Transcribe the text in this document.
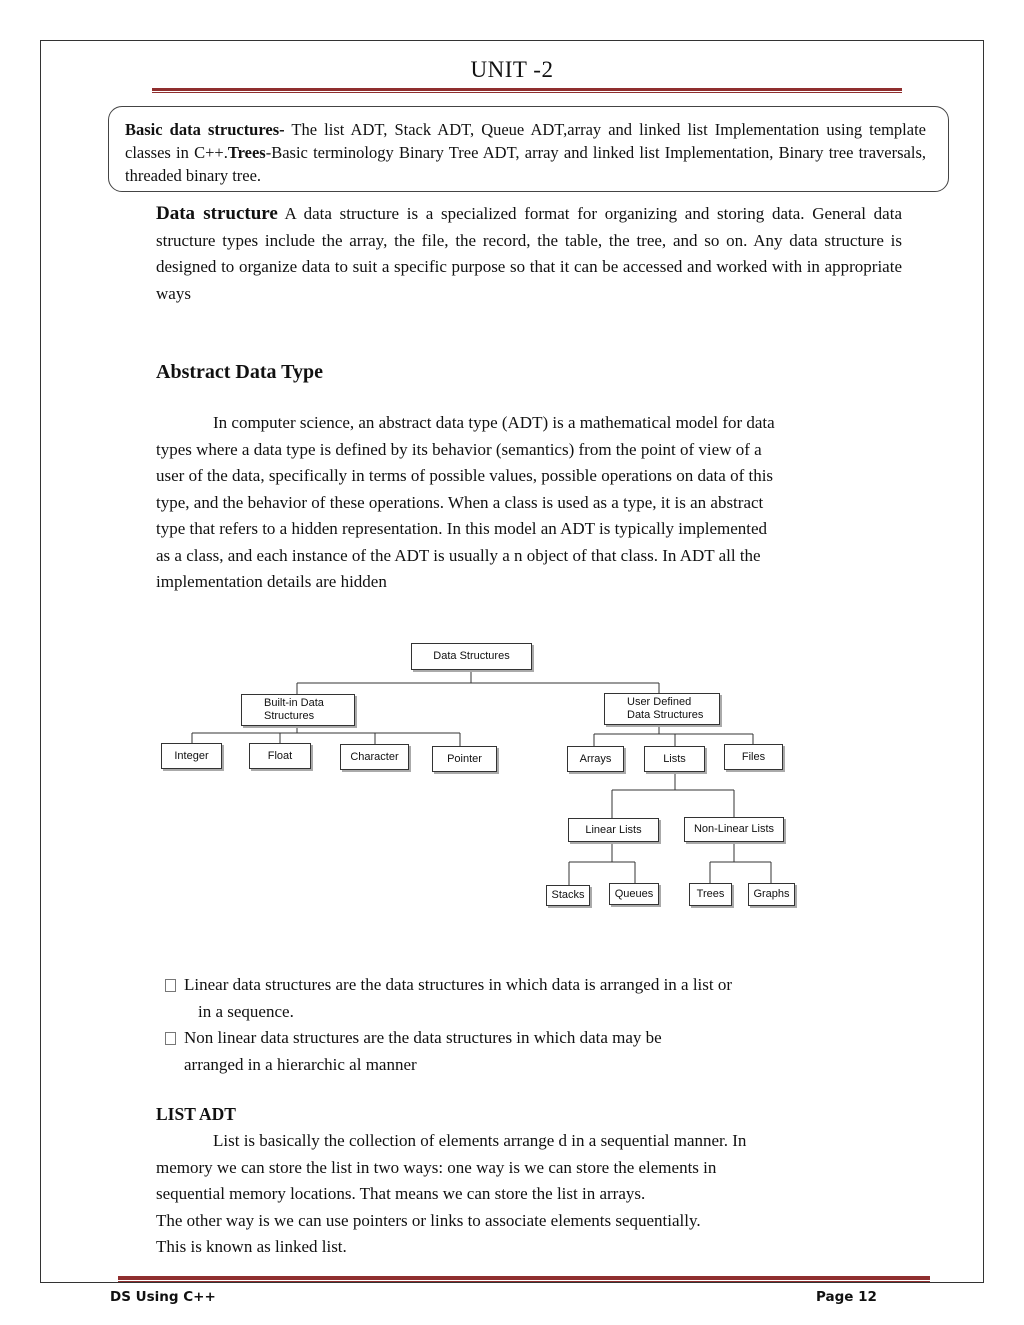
UNIT -2
Basic data structures- The list ADT, Stack ADT, Queue ADT,array and linked list Implementation using template classes in C++.Trees-Basic terminology Binary Tree ADT, array and linked list Implementation, Binary tree traversals, threaded binary tree.
Data structure A data structure is a specialized format for organizing and storing data. General data structure types include the array, the file, the record, the table, the tree, and so on. Any data structure is designed to organize data to suit a specific purpose so that it can be accessed and worked with in appropriate ways
Abstract Data Type
In computer science, an abstract data type (ADT) is a mathematical model for data
types where a data type is defined by its behavior (semantics) from the point of view of a
user of the data, specifically in terms of possible values, possible operations on data of this
type, and the behavior of these operations. When a class is used as a type, it is an abstract
type that refers to a hidden representation. In this model an ADT is typically implemented
as a class, and each instance of the ADT is usually a n object of that class. In ADT all the
implementation details are hidden
Data Structures
Built-in Data
Structures
User Defined
Data Structures
Integer	Float	Character	Pointer	Arrays	Lists	Files
Linear Lists	Non-Linear Lists
Stacks	Queues	Trees	Graphs
Linear data structures are the data structures in which data is arranged in a list or
in a sequence.
Non linear data structures are the data structures in which data may be
arranged in a hierarchic al manner
LIST ADT
List is basically the collection of elements arrange d in a sequential manner. In
memory we can store the list in two ways: one way is we can store the elements in
sequential memory locations. That means we can store the list in arrays.
The other way is we can use pointers or links to associate elements sequentially.
This is known as linked list.
DS Using C++	Page 12
